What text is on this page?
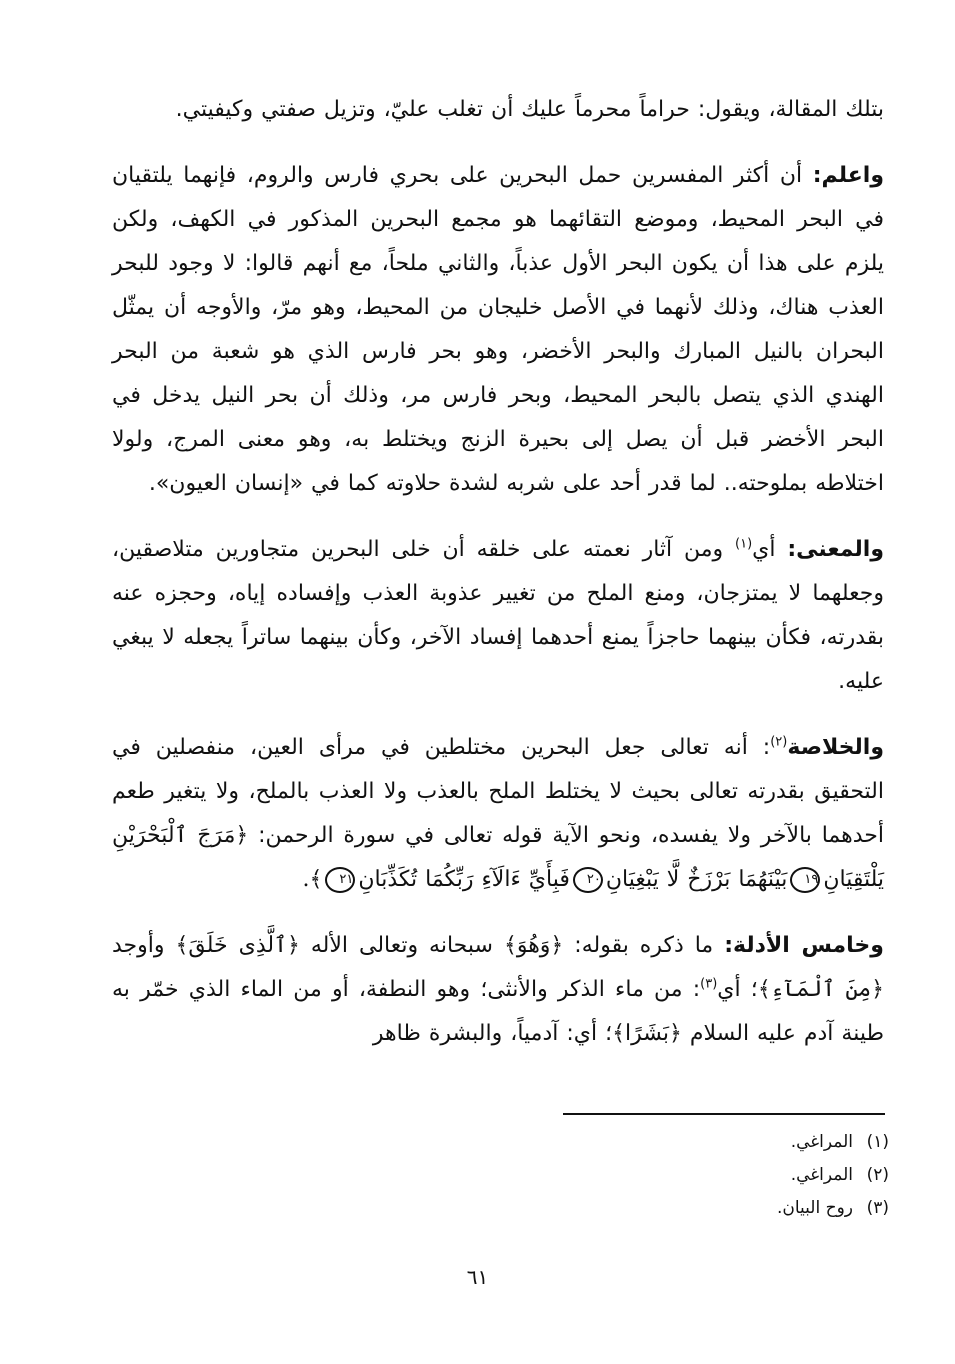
بتلك المقالة، ويقول: حراماً محرماً عليك أن تغلب عليّ، وتزيل صفتي وكيفيتي.

واعلم: أن أكثر المفسرين حمل البحرين على بحري فارس والروم، فإنهما يلتقيان في البحر المحيط، وموضع التقائهما هو مجمع البحرين المذكور في الكهف، ولكن يلزم على هذا أن يكون البحر الأول عذباً، والثاني ملحاً، مع أنهم قالوا: لا وجود للبحر العذب هناك، وذلك لأنهما في الأصل خليجان من المحيط، وهو مرّ، والأوجه أن يمثّل البحران بالنيل المبارك والبحر الأخضر، وهو بحر فارس الذي هو شعبة من البحر الهندي الذي يتصل بالبحر المحيط، وبحر فارس مر، وذلك أن بحر النيل يدخل في البحر الأخضر قبل أن يصل إلى بحيرة الزنج ويختلط به، وهو معنى المرج، ولولا اختلاطه بملوحته.. لما قدر أحد على شربه لشدة حلاوته كما في «إنسان العيون».

والمعنى: أي$^{(١)}$ ومن آثار نعمته على خلقه أن خلى البحرين متجاورين متلاصقين، وجعلهما لا يمتزجان، ومنع الملح من تغيير عذوبة العذب وإفساده إياه، وحجزه عنه بقدرته، فكأن بينهما حاجزاً يمنع أحدهما إفساد الآخر، وكأن بينهما ساتراً يجعله لا يبغي عليه.

والخلاصة$^{(٢)}$: أنه تعالى جعل البحرين مختلطين في مرأى العين، منفصلين في التحقيق بقدرته تعالى بحيث لا يختلط الملح بالعذب ولا العذب بالملح، ولا يتغير طعم أحدهما بالآخر ولا يفسده، ونحو الآية قوله تعالى في سورة الرحمن: ﴿مَرَجَ ٱلْبَحْرَيْنِ يَلْتَقِيَانِ١٩بَيْنَهُمَا بَرْزَخٌ لَّا يَبْغِيَانِ٢٠فَبِأَيِّ ءَالَآءِ رَبِّكُمَا تُكَذِّبَانِ٢١﴾.

وخامس الأدلة: ما ذكره بقوله: ﴿وَهُوَ﴾ سبحانه وتعالى الأله ﴿ٱلَّذِى خَلَقَ﴾ وأوجد ﴿مِنَ ٱلْمَآءِ﴾؛ أي$^{(٣)}$: من ماء الذكر والأنثى؛ وهو النطفة، أو من الماء الذي خمّر به طينة آدم عليه السلام ﴿بَشَرًا﴾؛ أي: آدمياً، والبشرة ظاهر

(١)المراغي.
(٢)المراغي.
(٣)روح البيان.
٦١
